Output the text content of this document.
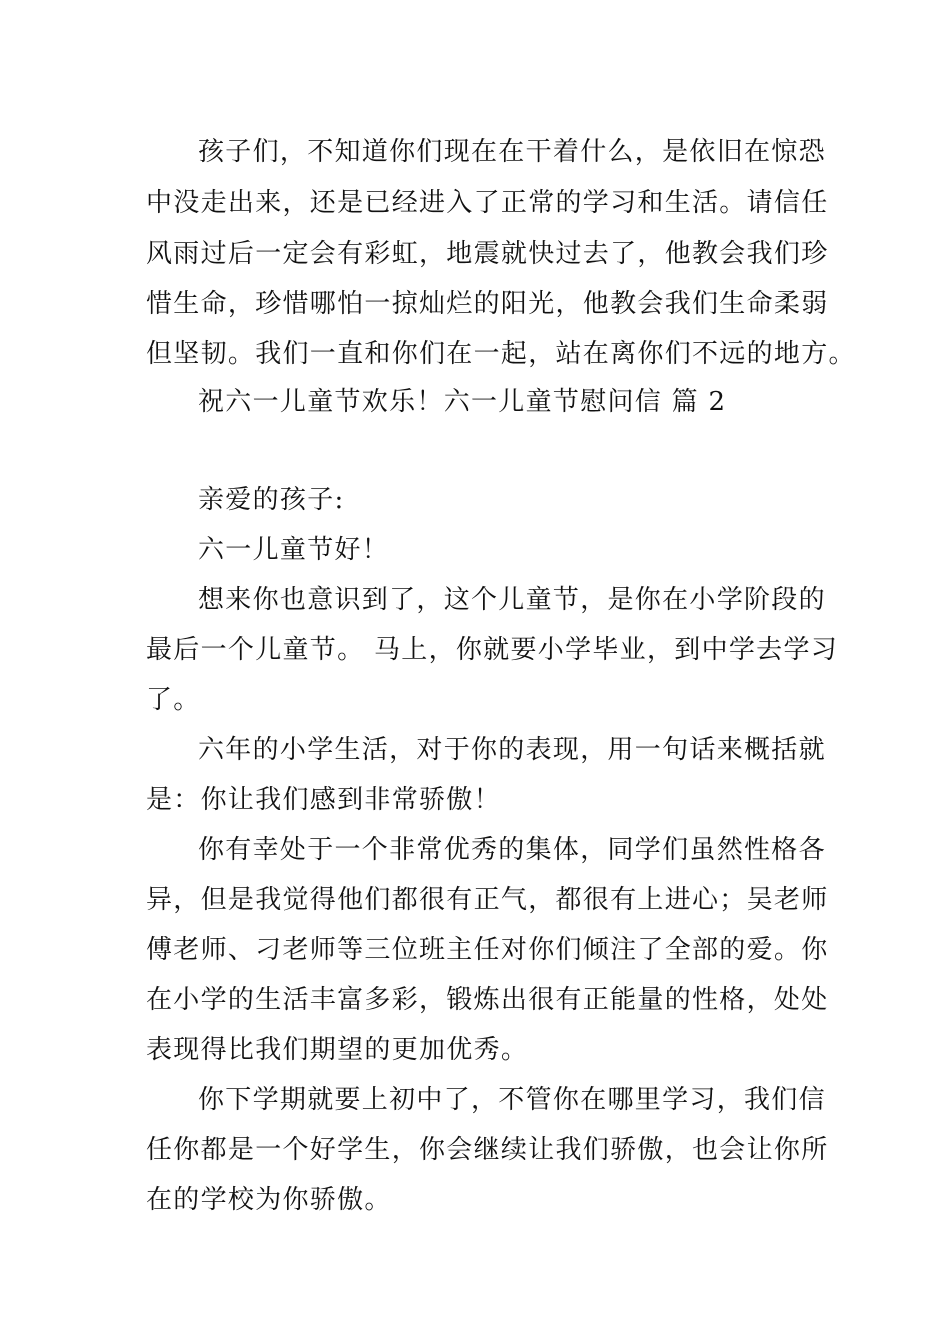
孩子们，不知道你们现在在干着什么，是依旧在惊恐
中没走出来，还是已经进入了正常的学习和生活。请信任
风雨过后一定会有彩虹，地震就快过去了，他教会我们珍
惜生命，珍惜哪怕一掠灿烂的阳光，他教会我们生命柔弱
但坚韧。我们一直和你们在一起，站在离你们不远的地方。
祝六一儿童节欢乐！六一儿童节慰问信 篇 2
亲爱的孩子:
六一儿童节好！
想来你也意识到了，这个儿童节，是你在小学阶段的
最后一个儿童节。 马上，你就要小学毕业，到中学去学习
了。
六年的小学生活，对于你的表现，用一句话来概括就
是：你让我们感到非常骄傲！
你有幸处于一个非常优秀的集体，同学们虽然性格各
异，但是我觉得他们都很有正气，都很有上进心；吴老师
傅老师、刁老师等三位班主任对你们倾注了全部的爱。你
在小学的生活丰富多彩，锻炼出很有正能量的性格，处处
表现得比我们期望的更加优秀。
你下学期就要上初中了，不管你在哪里学习，我们信
任你都是一个好学生，你会继续让我们骄傲，也会让你所
在的学校为你骄傲。
